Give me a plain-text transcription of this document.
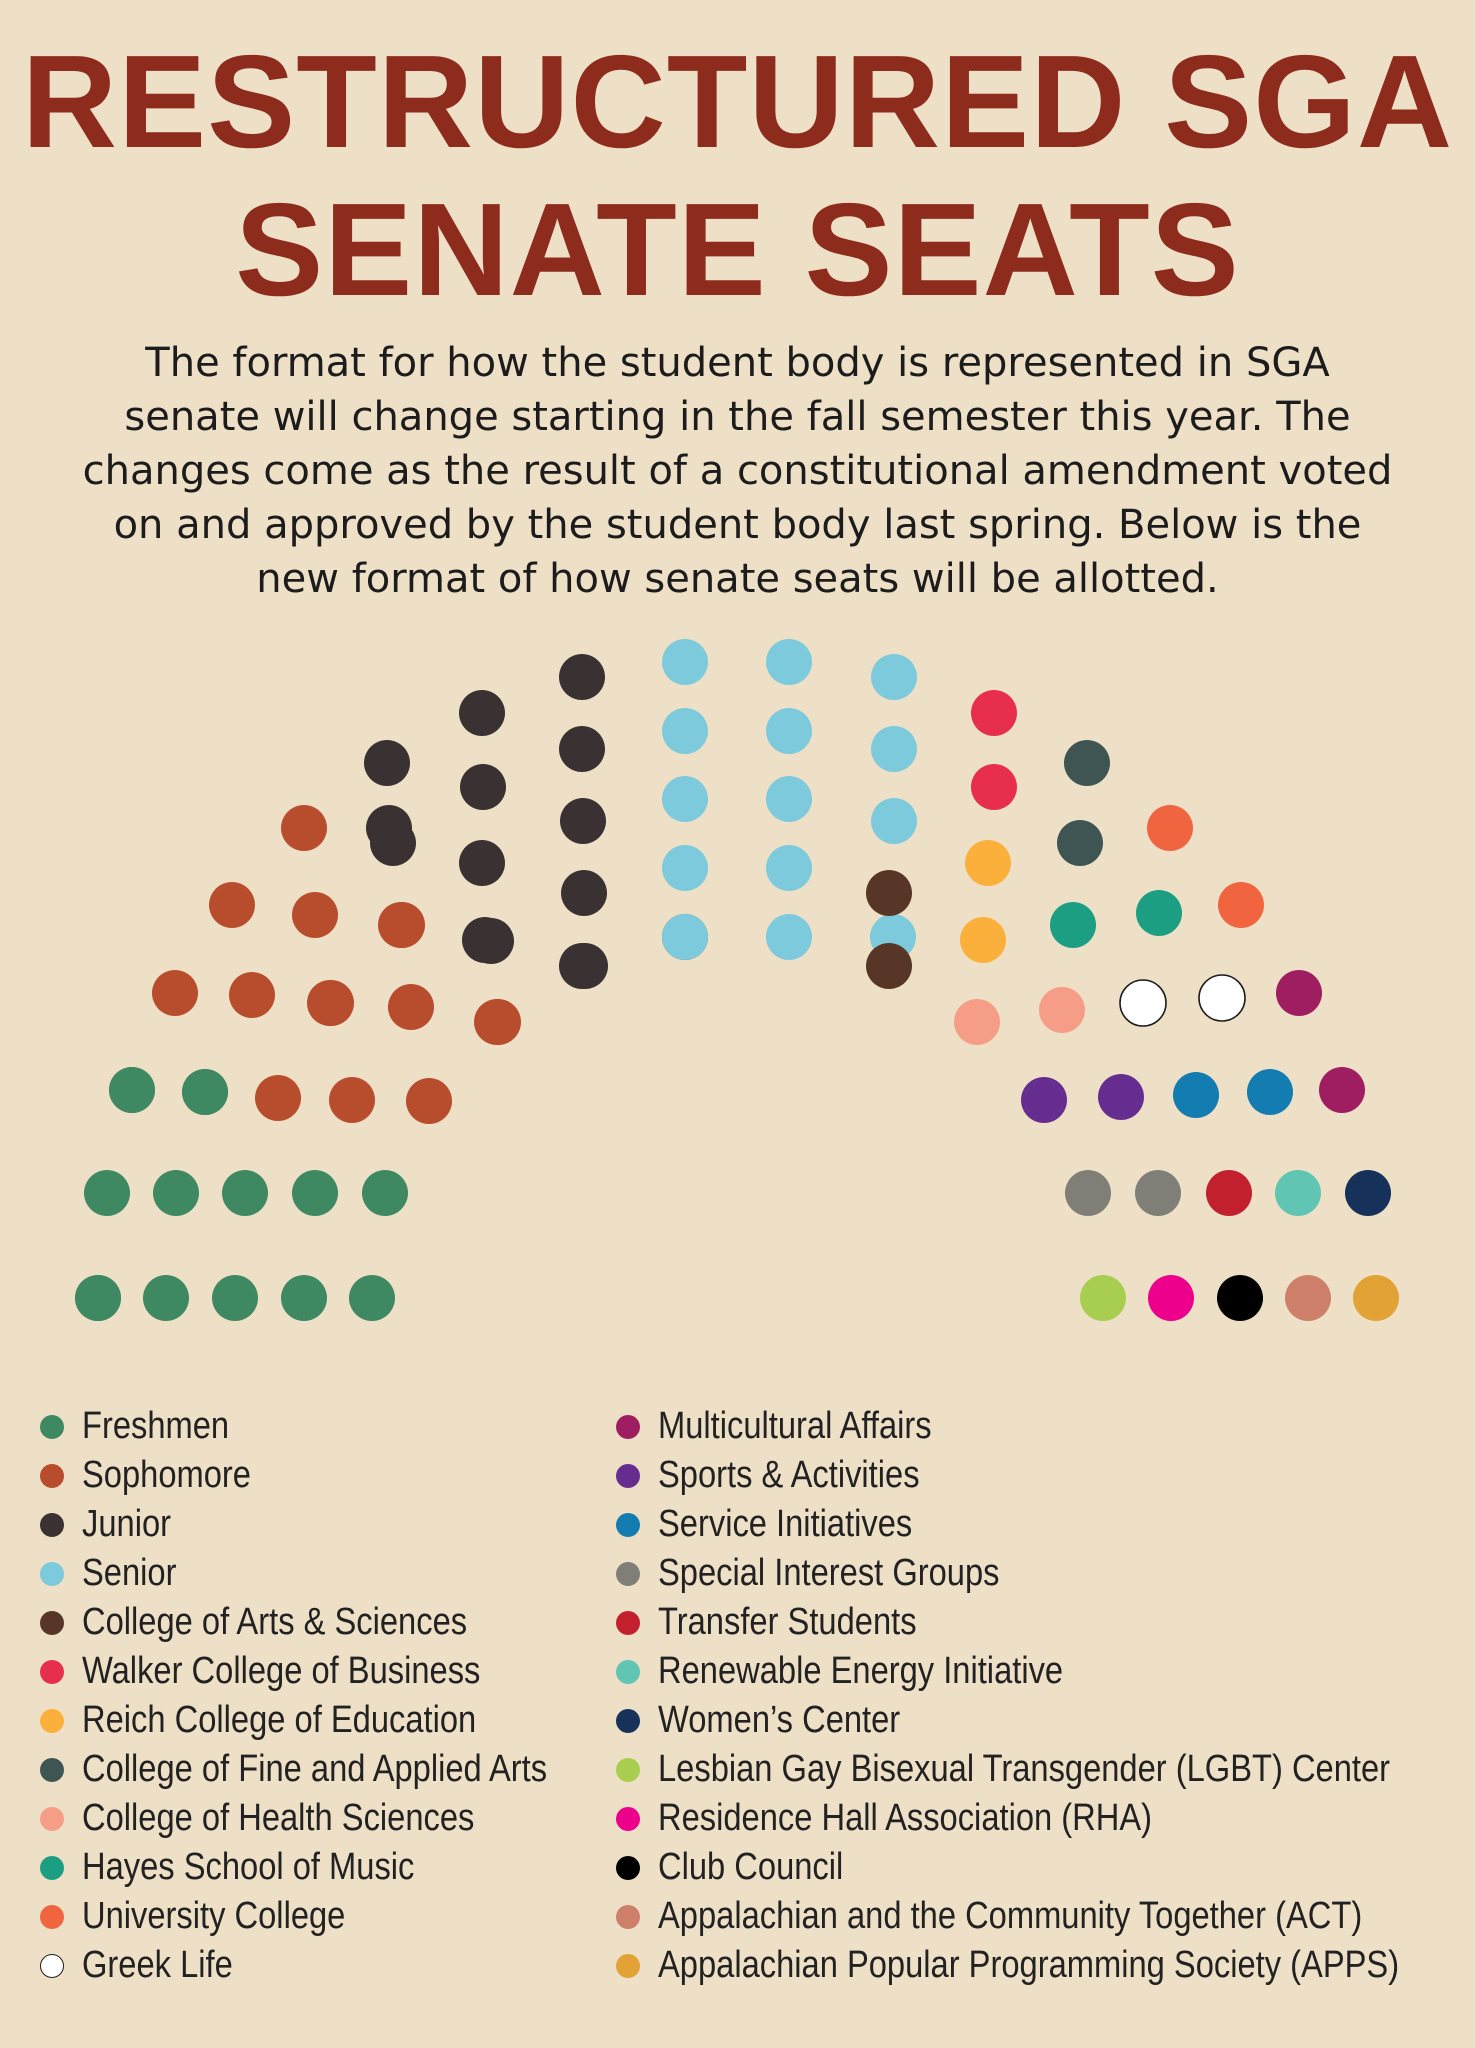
RESTRUCTURED SGA
SENATE SEATS
The format for how the student body is represented in SGA
senate will change starting in the fall semester this year. The
changes come as the result of a constitutional amendment voted
on and approved by the student body last spring. Below is the
new format of how senate seats will be allotted.
Freshmen
Sophomore
Junior
Senior
College of Arts & Sciences
Walker College of Business
Reich College of Education
College of Fine and Applied Arts
College of Health Sciences
Hayes School of Music
University College
Greek Life
Multicultural Affairs
Sports & Activities
Service Initiatives
Special Interest Groups
Transfer Students
Renewable Energy Initiative
Women’s Center
Lesbian Gay Bisexual Transgender (LGBT) Center
Residence Hall Association (RHA)
Club Council
Appalachian and the Community Together (ACT)
Appalachian Popular Programming Society (APPS)
